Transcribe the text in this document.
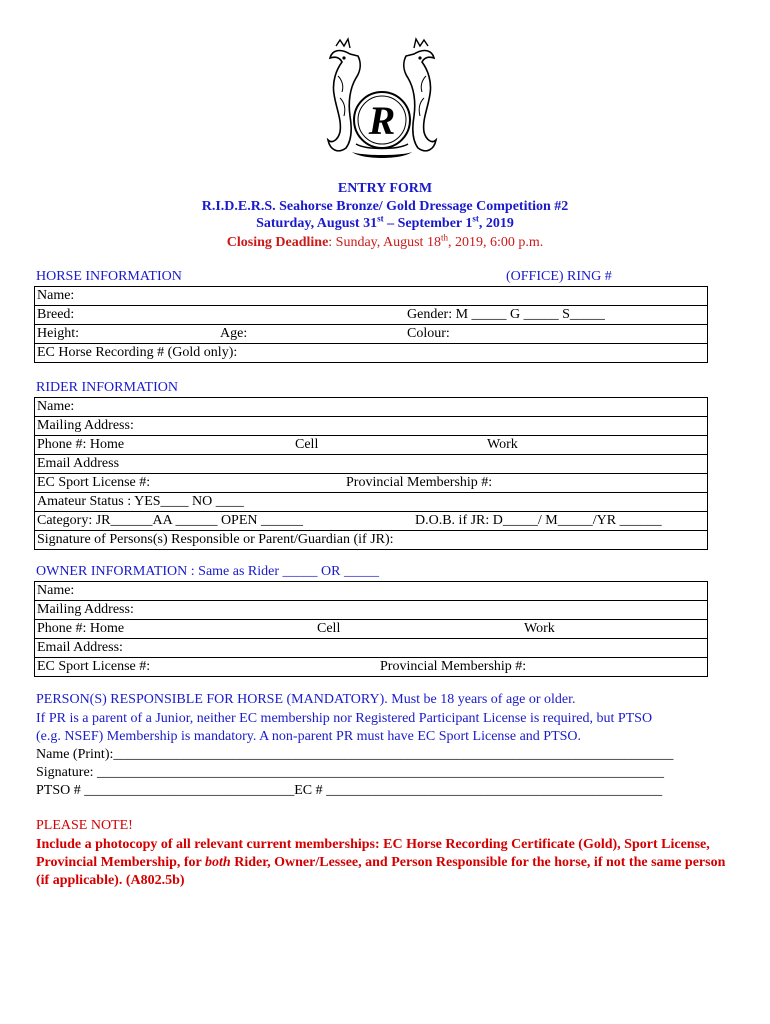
R
ENTRY FORM
R.I.D.E.R.S. Seahorse Bronze/ Gold Dressage Competition #2
Saturday, August 31st – September 1st, 2019
Closing Deadline: Sunday, August 18th, 2019, 6:00 p.m.
HORSE INFORMATION	(OFFICE) RING #
Name:
Breed:	Gender: M _____ G _____ S_____
Height:	Age:	Colour:
EC Horse Recording # (Gold only):
RIDER INFORMATION
Name:
Mailing Address:
Phone #: Home	Cell	Work
Email Address
EC Sport License #:	Provincial Membership #:
Amateur Status : YES____ NO ____
Category: JR______AA ______ OPEN ______	D.O.B. if JR: D_____/ M_____/YR ______
Signature of Persons(s) Responsible or Parent/Guardian (if JR):
OWNER INFORMATION : Same as Rider _____ OR _____
Name:
Mailing Address:
Phone #: Home	Cell	Work
Email Address:
EC Sport License #:	Provincial Membership #:
PERSON(S) RESPONSIBLE FOR HORSE (MANDATORY). Must be 18 years of age or older.
If PR is a parent of a Junior, neither EC membership nor Registered Participant License is required, but PTSO
(e.g. NSEF) Membership is mandatory. A non-parent PR must have EC Sport License and PTSO.
Name (Print):________________________________________________________________________________
Signature: _________________________________________________________________________________
PTSO # ______________________________EC # ________________________________________________
PLEASE NOTE!
Include a photocopy of all relevant current memberships: EC Horse Recording Certificate (Gold), Sport License, Provincial Membership, for both Rider, Owner/Lessee, and Person Responsible for the horse, if not the same person (if applicable). (A802.5b)
